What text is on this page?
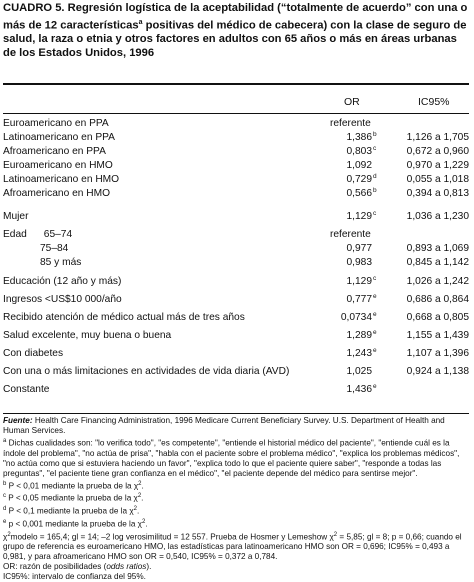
CUADRO 5. Regresión logística de la aceptabilidad (“totalmente de acuerdo” con una o más de 12 características$^a$ positivas del médico de cabecera) con la clase de seguro de salud, la raza o etnia y otros factores en adultos con 65 años o más en áreas urbanas de los Estados Unidos, 1996
OR	IC95%
Euroamericano en PPA	referente
Latinoamericano en PPA	1,386 b	1,126 a 1,705
Afroamericano en PPA	0,803 c	0,672 a 0,960
Euroamericano en HMO	1,092	0,970 a 1,229
Latinoamericano en HMO	0,729 d	0,055 a 1,018
Afroamericano en HMO	0,566 b	0,394 a 0,813
Mujer	1,129 c	1,036 a 1,230
Edad      65–74	referente
75–84	0,977	0,893 a 1,069
85 y más	0,983	0,845 a 1,142
Educación (12 año y más)	1,129 c	1,026 a 1,242
Ingresos <US$10 000/año	0,777 e	0,686 a 0,864
Recibido atención de médico actual más de tres años	0,0734 e	0,668 a 0,805
Salud excelente, muy buena o buena	1,289 e	1,155 a 1,439
Con diabetes	1,243 e	1,107 a 1,396
Con una o más limitaciones en actividades de vida diaria (AVD)	1,025	0,924 a 1,138
Constante	1,436 e

Fuente: Health Care Financing Administration, 1996 Medicare Current Beneficiary Survey. U.S. Department of Health and Human Services.

$^a$ Dichas cualidades son: "lo verifica todo", "es competente", "entiende el historial médico del paciente", "entiende cuál es la índole del problema", "no actúa de prisa", "habla con el paciente sobre el problema médico", "explica los problemas médicos", "no actúa como que si estuviera haciendo un favor", "explica todo lo que el paciente quiere saber", "responde a todas las preguntas", "el paciente tiene gran confianza en el médico", "el paciente depende del médico para sentirse mejor".

$^b$ P < 0,01 mediante la prueba de la $\chi^2$.

$^c$ P < 0,05 mediante la prueba de la $\chi^2$.

$^d$ P < 0,1 mediante la prueba de la $\chi^2$.

$^e$ p < 0,001 mediante la prueba de la $\chi^2$.

$\chi^2modelo = 165,4$; gl = 14; –2 log verosimilitud = 12 557. Prueba de Hosmer y Lemeshow $\chi^2 = 5,85$; gl = 8; p = 0,66; cuando el grupo de referencia es euroamericano HMO, las estadísticas para latinoamericano HMO son OR = 0,696; IC95% = 0,493 a 0,981, y para afroamericano HMO son OR = 0,540, IC95% = 0,372 a 0,784.

OR: razón de posibilidades (odds ratios).

IC95%: intervalo de confianza del 95%.
